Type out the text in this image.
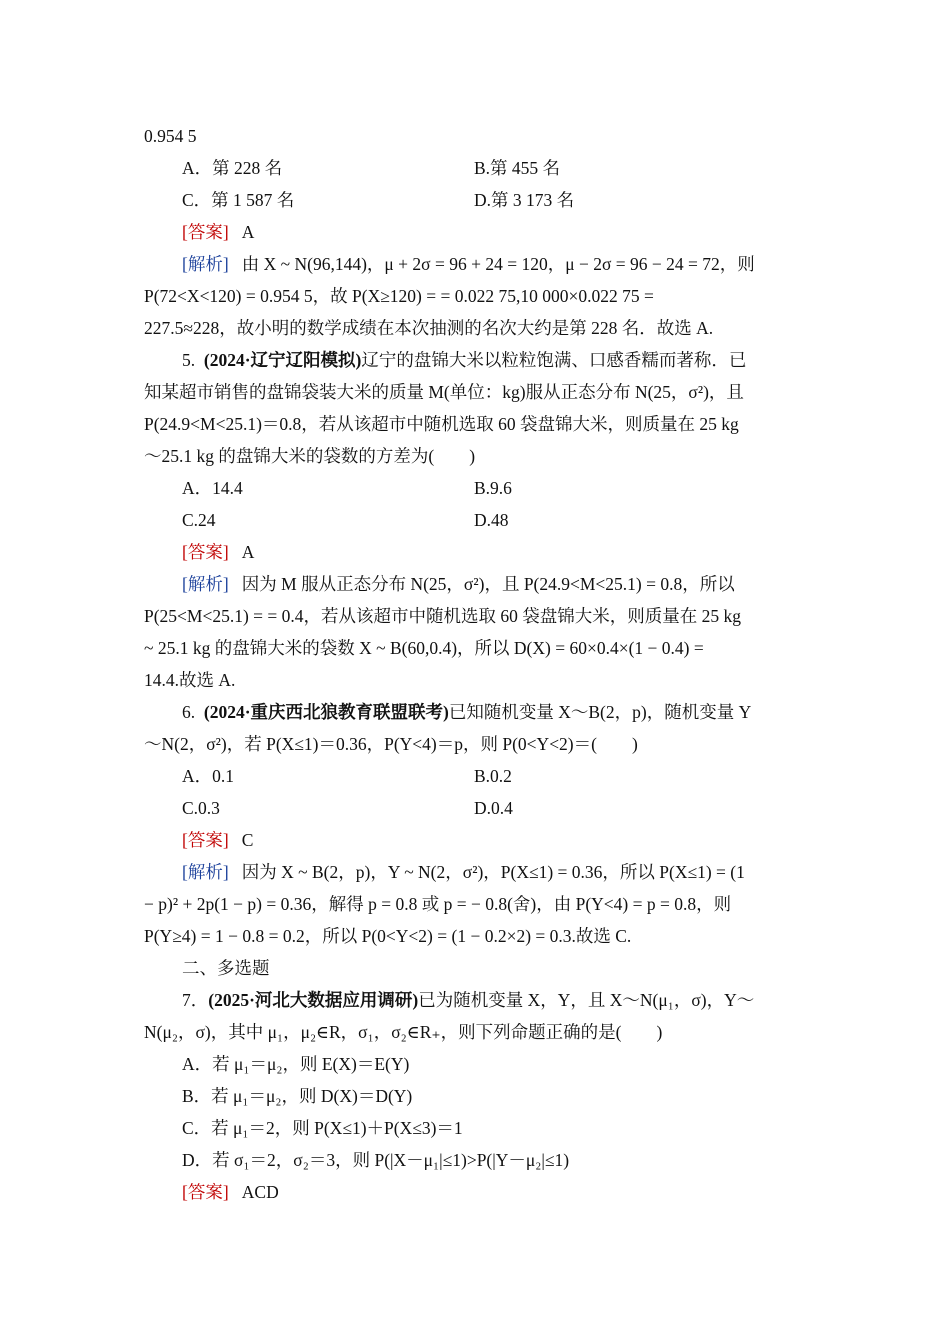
0.954 5
A．第 228 名	B.第 455 名
C．第 1 587 名	D.第 3 173 名
[答案] A
[解析] 由 X ~ N(96,144)，μ + 2σ = 96 + 24 = 120，μ − 2σ = 96 − 24 = 72，则
P(72<X<120) = 0.954 5，故 P(X≥120) = = 0.022 75,10 000×0.022 75 =
227.5≈228，故小明的数学成绩在本次抽测的名次大约是第 228 名．故选 A.
5. (2024·辽宁辽阳模拟)辽宁的盘锦大米以粒粒饱满、口感香糯而著称．已
知某超市销售的盘锦袋装大米的质量 M(单位：kg)服从正态分布 N(25，σ²)，且
P(24.9<M<25.1)＝0.8，若从该超市中随机选取 60 袋盘锦大米，则质量在 25 kg
～25.1 kg 的盘锦大米的袋数的方差为(　　)
A．14.4	B.9.6
C.24	D.48
[答案] A
[解析] 因为 M 服从正态分布 N(25，σ²)，且 P(24.9<M<25.1) = 0.8，所以
P(25<M<25.1) = = 0.4，若从该超市中随机选取 60 袋盘锦大米，则质量在 25 kg
~ 25.1 kg 的盘锦大米的袋数 X ~ B(60,0.4)，所以 D(X) = 60×0.4×(1 − 0.4) =
14.4.故选 A.
6. (2024·重庆西北狼教育联盟联考)已知随机变量 X～B(2，p)，随机变量 Y
～N(2，σ²)，若 P(X≤1)＝0.36，P(Y<4)＝p，则 P(0<Y<2)＝(　　)
A．0.1	B.0.2
C.0.3	D.0.4
[答案] C
[解析] 因为 X ~ B(2，p)，Y ~ N(2，σ²)，P(X≤1) = 0.36，所以 P(X≤1) = (1
− p)² + 2p(1 − p) = 0.36，解得 p = 0.8 或 p = − 0.8(舍)，由 P(Y<4) = p = 0.8，则
P(Y≥4) = 1 − 0.8 = 0.2，所以 P(0<Y<2) = (1 − 0.2×2) = 0.3.故选 C.
二、多选题
7．(2025·河北大数据应用调研)已为随机变量 X，Y，且 X～N(μ₁，σ)，Y～
N(μ₂，σ)，其中 μ₁，μ₂∈R，σ₁，σ₂∈R₊，则下列命题正确的是(　　)
A．若 μ₁＝μ₂，则 E(X)＝E(Y)
B．若 μ₁＝μ₂，则 D(X)＝D(Y)
C．若 μ₁＝2，则 P(X≤1)＋P(X≤3)＝1
D．若 σ₁＝2，σ₂＝3，则 P(|X－μ₁|≤1)>P(|Y－μ₂|≤1)
[答案] ACD
